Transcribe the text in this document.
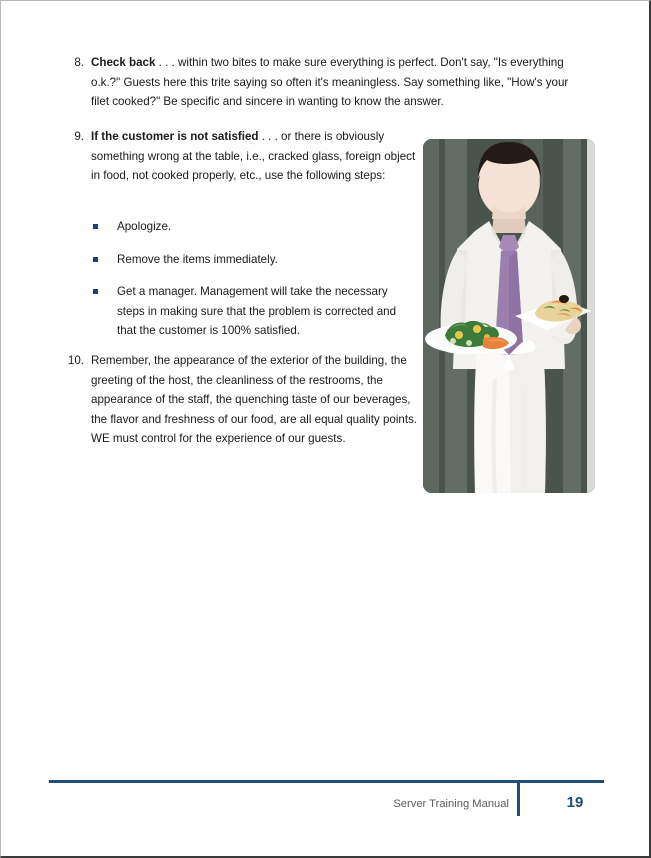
8. Check back . . . within two bites to make sure everything is perfect. Don't say, "Is everything o.k.?" Guests here this trite saying so often it's meaningless. Say something like, "How's your filet cooked?" Be specific and sincere in wanting to know the answer.
9. If the customer is not satisfied . . . or there is obviously something wrong at the table, i.e., cracked glass, foreign object in food, not cooked properly, etc., use the following steps:
Apologize.
Remove the items immediately.
Get a manager. Management will take the necessary steps in making sure that the problem is corrected and that the customer is 100% satisfied.
10. Remember, the appearance of the exterior of the building, the greeting of the host, the cleanliness of the restrooms, the appearance of the staff, the quenching taste of our beverages, the flavor and freshness of our food, are all equal quality points. WE must control for the experience of our guests.
Server Training Manual	19
